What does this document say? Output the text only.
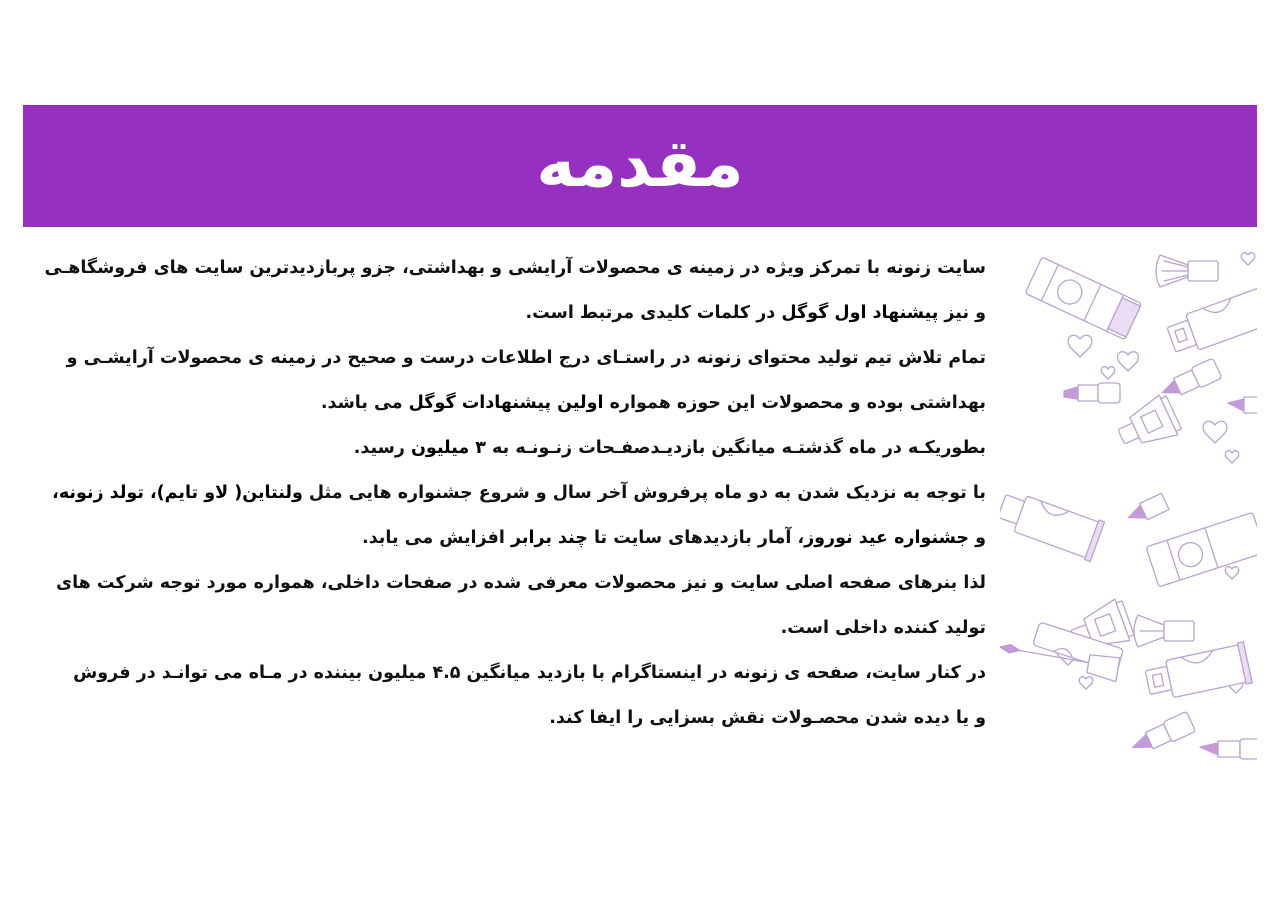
مقدمه
سایت زنونه با تمرکز ویژه در زمینه ی محصولات آرایشی و بهداشتی، جزو پربازدیدترین سایت های فروشگاهـی
و نیز پیشنهاد اول گوگل در کلمات کلیدی مرتبط است.
تمام تلاش تیم تولید محتوای زنونه در راستـای درج اطلاعات درست و صحیح در زمینه ی محصولات آرایشـی و
بهداشتی بوده و محصولات این حوزه همواره اولین پیشنهادات گوگل می باشد.
بطوریکـه در ماه گذشتـه میانگین بازدیـدصفـحات زنـونـه به ۳ میلیون رسید.
با توجه به نزدیک شدن به دو ماه پرفروش آخر سال و شروع جشنواره هایی مثل ولنتاین( لاو تایم)، تولد زنونه،
و جشنواره عید نوروز، آمار بازدیدهای سایت تا چند برابر افزایش می یابد.
لذا بنرهای صفحه اصلی سایت و نیز محصولات معرفی شده در صفحات داخلی، همواره مورد توجه شرکت های
تولید کننده داخلی است.
در کنار سایت، صفحه ی زنونه در اینستاگرام با بازدید میانگین ۴.۵ میلیون بیننده در مـاه می توانـد در فروش
و یا دیده شدن محصـولات نقش بسزایی را ایفا کند.
